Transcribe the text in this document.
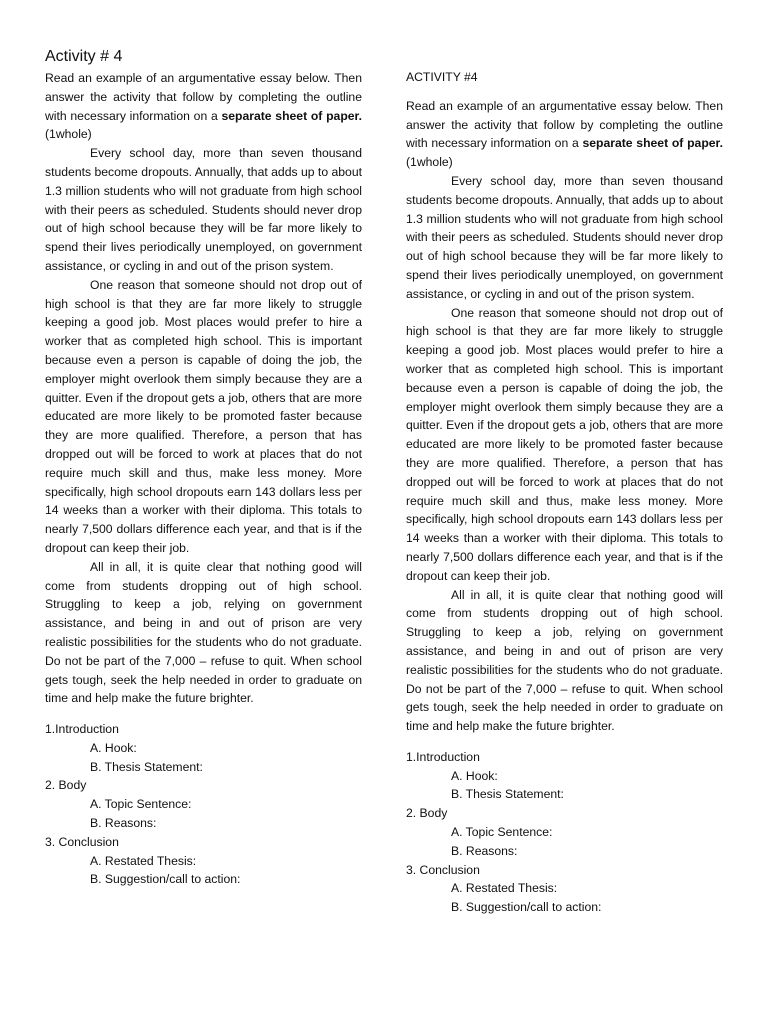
Activity # 4

Read an example of an argumentative essay below. Then answer the activity that follow by completing the outline with necessary information on a separate sheet of paper. (1whole)

Every school day, more than seven thousand students become dropouts. Annually, that adds up to about 1.3 million students who will not graduate from high school with their peers as scheduled. Students should never drop out of high school because they will be far more likely to spend their lives periodically unemployed, on government assistance, or cycling in and out of the prison system.

One reason that someone should not drop out of high school is that they are far more likely to struggle keeping a good job. Most places would prefer to hire a worker that as completed high school. This is important because even a person is capable of doing the job, the employer might overlook them simply because they are a quitter. Even if the dropout gets a job, others that are more educated are more likely to be promoted faster because they are more qualified. Therefore, a person that has dropped out will be forced to work at places that do not require much skill and thus, make less money. More specifically, high school dropouts earn 143 dollars less per 14 weeks than a worker with their diploma. This totals to nearly 7,500 dollars difference each year, and that is if the dropout can keep their job.

All in all, it is quite clear that nothing good will come from students dropping out of high school. Struggling to keep a job, relying on government assistance, and being in and out of prison are very realistic possibilities for the students who do not graduate. Do not be part of the 7,000 – refuse to quit. When school gets tough, seek the help needed in order to graduate on time and help make the future brighter.

1.Introduction
A. Hook:
B. Thesis Statement:
2. Body
A. Topic Sentence:
B. Reasons:
3. Conclusion
A. Restated Thesis:
B. Suggestion/call to action:
ACTIVITY #4

Read an example of an argumentative essay below. Then answer the activity that follow by completing the outline with necessary information on a separate sheet of paper. (1whole)

Every school day, more than seven thousand students become dropouts. Annually, that adds up to about 1.3 million students who will not graduate from high school with their peers as scheduled. Students should never drop out of high school because they will be far more likely to spend their lives periodically unemployed, on government assistance, or cycling in and out of the prison system.

One reason that someone should not drop out of high school is that they are far more likely to struggle keeping a good job. Most places would prefer to hire a worker that as completed high school. This is important because even a person is capable of doing the job, the employer might overlook them simply because they are a quitter. Even if the dropout gets a job, others that are more educated are more likely to be promoted faster because they are more qualified. Therefore, a person that has dropped out will be forced to work at places that do not require much skill and thus, make less money. More specifically, high school dropouts earn 143 dollars less per 14 weeks than a worker with their diploma. This totals to nearly 7,500 dollars difference each year, and that is if the dropout can keep their job.

All in all, it is quite clear that nothing good will come from students dropping out of high school. Struggling to keep a job, relying on government assistance, and being in and out of prison are very realistic possibilities for the students who do not graduate. Do not be part of the 7,000 – refuse to quit. When school gets tough, seek the help needed in order to graduate on time and help make the future brighter.

1.Introduction
A. Hook:
B. Thesis Statement:
2. Body
A. Topic Sentence:
B. Reasons:
3. Conclusion
A. Restated Thesis:
B. Suggestion/call to action:
